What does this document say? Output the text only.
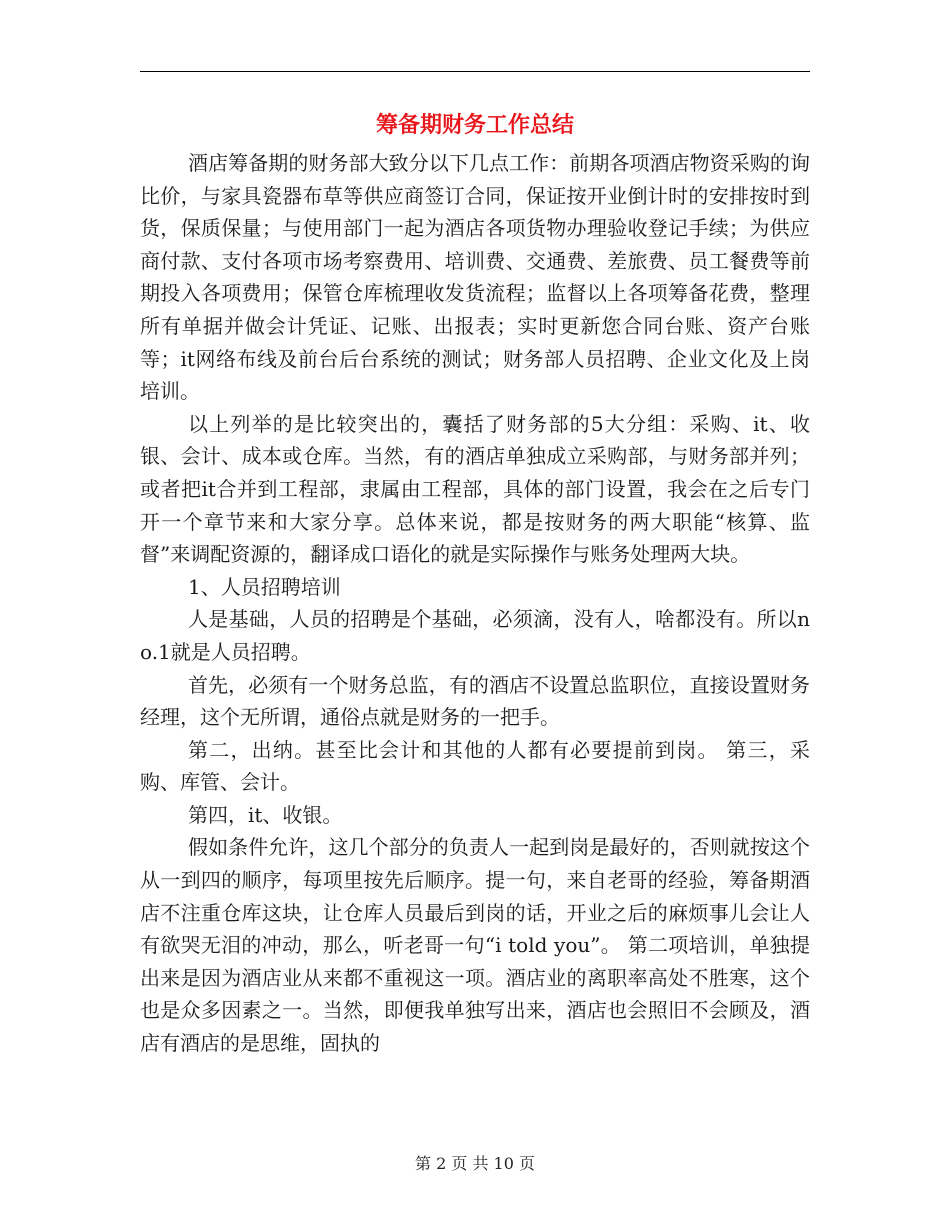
筹备期财务工作总结

酒店筹备期的财务部大致分以下几点工作：前期各项酒店物资采购的询比价，与家具瓷器布草等供应商签订合同，保证按开业倒计时的安排按时到货，保质保量；与使用部门一起为酒店各项货物办理验收登记手续；为供应商付款、支付各项市场考察费用、培训费、交通费、差旅费、员工餐费等前期投入各项费用；保管仓库梳理收发货流程；监督以上各项筹备花费，整理所有单据并做会计凭证、记账、出报表；实时更新您合同台账、资产台账等；it网络布线及前台后台系统的测试；财务部人员招聘、企业文化及上岗培训。

以上列举的是比较突出的，囊括了财务部的5大分组：采购、it、收银、会计、成本或仓库。当然，有的酒店单独成立采购部，与财务部并列；或者把it合并到工程部，隶属由工程部，具体的部门设置，我会在之后专门开一个章节来和大家分享。总体来说，都是按财务的两大职能“核算、监督”来调配资源的，翻译成口语化的就是实际操作与账务处理两大块。

1、人员招聘培训

人是基础，人员的招聘是个基础，必须滴，没有人，啥都没有。所以no.1就是人员招聘。

首先，必须有一个财务总监，有的酒店不设置总监职位，直接设置财务经理，这个无所谓，通俗点就是财务的一把手。

第二，出纳。甚至比会计和其他的人都有必要提前到岗。 第三，采购、库管、会计。

第四，it、收银。

假如条件允许，这几个部分的负责人一起到岗是最好的，否则就按这个从一到四的顺序，每项里按先后顺序。提一句，来自老哥的经验，筹备期酒店不注重仓库这块，让仓库人员最后到岗的话，开业之后的麻烦事儿会让人有欲哭无泪的冲动，那么，听老哥一句“i told you”。 第二项培训，单独提出来是因为酒店业从来都不重视这一项。酒店业的离职率高处不胜寒，这个也是众多因素之一。当然，即便我单独写出来，酒店也会照旧不会顾及，酒店有酒店的是思维，固执的

第 2 页 共 10 页
